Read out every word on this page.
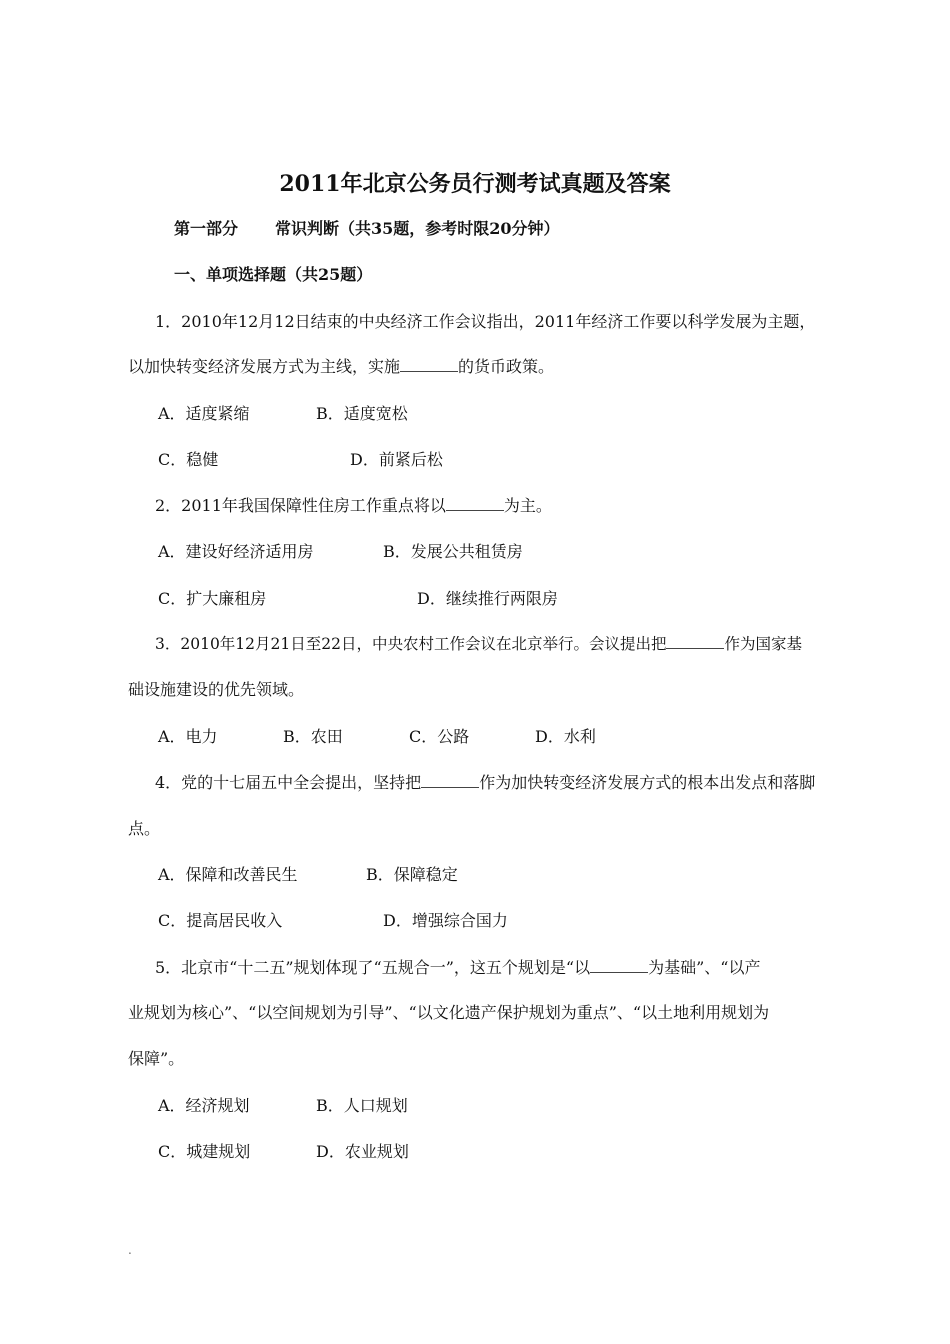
2011年北京公务员行测考试真题及答案
第一部分 常识判断（共35题，参考时限20分钟）
一、单项选择题（共25题）
1．2010年12月12日结束的中央经济工作会议指出，2011年经济工作要以科学发展为主题，
以加快转变经济发展方式为主线，实施	的货币政策。
A．适度紧缩	B．适度宽松
C．稳健	D．前紧后松
2．2011年我国保障性住房工作重点将以	为主。
A．建设好经济适用房	B．发展公共租赁房
C．扩大廉租房	D．继续推行两限房
3．2010年12月21日至22日，中央农村工作会议在北京举行。会议提出把	作为国家基
础设施建设的优先领域。
A．电力	B．农田	C．公路	D．水利
4．党的十七届五中全会提出，坚持把	作为加快转变经济发展方式的根本出发点和落脚
点。
A．保障和改善民生	B．保障稳定
C．提高居民收入	D．增强综合国力
5．北京市“十二五”规划体现了“五规合一”，这五个规划是“以	为基础”、“以产
业规划为核心”、“以空间规划为引导”、“以文化遗产保护规划为重点”、“以土地利用规划为
保障”。
A．经济规划	B．人口规划
C．城建规划	D．农业规划
.
